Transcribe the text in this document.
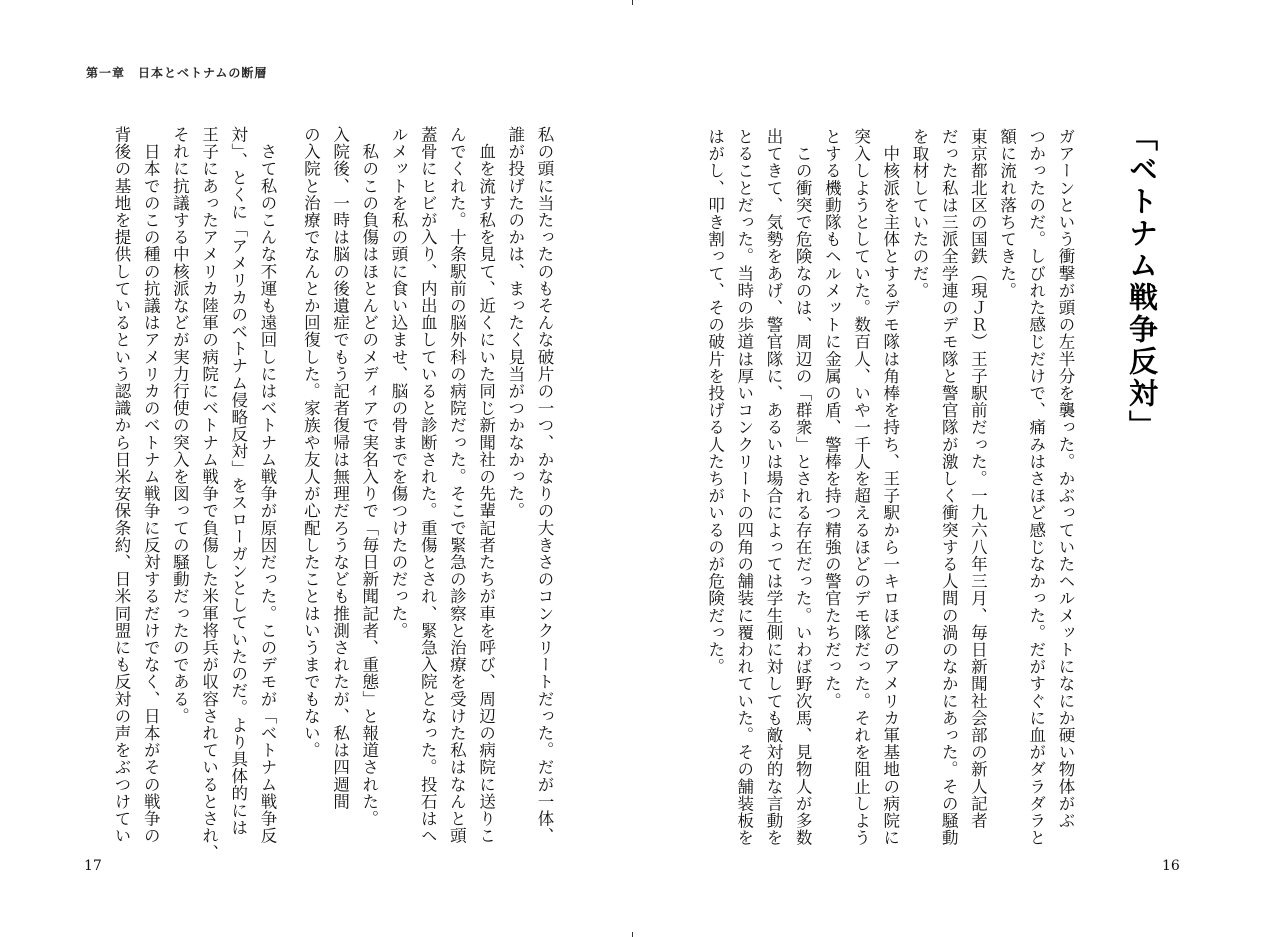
第一章　日本とベトナムの断層
私の頭に当たったのもそんな破片の一つ、かなりの大きさのコンクリートだった。だが一体、
誰が投げたのかは、まったく見当がつかなかった。
　血を流す私を見て、近くにいた同じ新聞社の先輩記者たちが車を呼び、周辺の病院に送りこ
んでくれた。十条駅前の脳外科の病院だった。そこで緊急の診察と治療を受けた私はなんと頭
蓋骨にヒビが入り、内出血していると診断された。重傷とされ、緊急入院となった。投石はヘ
ルメットを私の頭に食い込ませ、脳の骨までを傷つけたのだった。
　私のこの負傷はほとんどのメディアで実名入りで「毎日新聞記者、重態」と報道された。
入院後、一時は脳の後遺症でもう記者復帰は無理だろうなども推測されたが、私は四週間
の入院と治療でなんとか回復した。家族や友人が心配したことはいうまでもない。
　さて私のこんな不運も遠回しにはベトナム戦争が原因だった。このデモが「ベトナム戦争反
対」、とくに「アメリカのベトナム侵略反対」をスローガンとしていたのだ。より具体的には
王子にあったアメリカ陸軍の病院にベトナム戦争で負傷した米軍将兵が収容されているとされ、
それに抗議する中核派などが実力行使の突入を図っての騒動だったのである。
　日本でのこの種の抗議はアメリカのベトナム戦争に反対するだけでなく、日本がその戦争の
背後の基地を提供しているという認識から日米安保条約、日米同盟にも反対の声をぶつけてい
17
「ベトナム戦争反対」
ガアーンという衝撃が頭の左半分を襲った。かぶっていたヘルメットになにか硬い物体がぶ
つかったのだ。しびれた感じだけで、痛みはさほど感じなかった。だがすぐに血がダラダラと
額に流れ落ちてきた。
東京都北区の国鉄（現ＪＲ）王子駅前だった。一九六八年三月、毎日新聞社会部の新人記者
だった私は三派全学連のデモ隊と警官隊が激しく衝突する人間の渦のなかにあった。その騒動
を取材していたのだ。
　中核派を主体とするデモ隊は角棒を持ち、王子駅から一キロほどのアメリカ軍基地の病院に
突入しようとしていた。数百人、いや一千人を超えるほどのデモ隊だった。それを阻止しよう
とする機動隊もヘルメットに金属の盾、警棒を持つ精強の警官たちだった。
　この衝突で危険なのは、周辺の「群衆」とされる存在だった。いわば野次馬、見物人が多数
出てきて、気勢をあげ、警官隊に、あるいは場合によっては学生側に対しても敵対的な言動を
とることだった。当時の歩道は厚いコンクリートの四角の舗装に覆われていた。その舗装板を
はがし、叩き割って、その破片を投げる人たちがいるのが危険だった。
16
